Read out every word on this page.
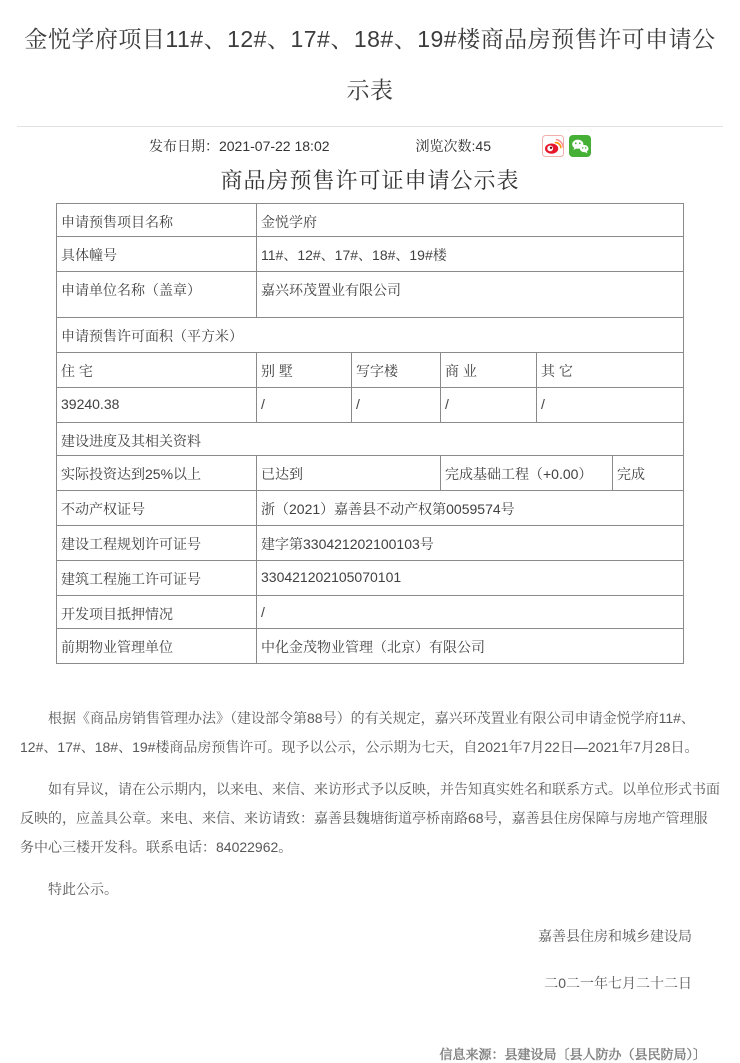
金悦学府项目11#、12#、17#、18#、19#楼商品房预售许可申请公示表
发布日期：2021-07-22 18:02	浏览次数:45
商品房预售许可证申请公示表
申请预售项目名称	金悦学府				
具体幢号	11#、12#、17#、18#、19#楼				
申请单位名称（盖章）	嘉兴环茂置业有限公司				
申请预售许可面积（平方米）					
住 宅	别 墅	写字楼	商 业	其 它	
39240.38	/	/	/	/	
建设进度及其相关资料					
实际投资达到25%以上	已达到		完成基础工程（+0.00）		完成
不动产权证号	浙（2021）嘉善县不动产权第0059574号				
建设工程规划许可证号	建字第330421202100103号				
建筑工程施工许可证号	330421202105070101				
开发项目抵押情况	/				
前期物业管理单位	中化金茂物业管理（北京）有限公司				

根据《商品房销售管理办法》（建设部令第88号）的有关规定，嘉兴环茂置业有限公司申请金悦学府11#、12#、17#、18#、19#楼商品房预售许可。现予以公示，公示期为七天，自2021年7月22日—2021年7月28日。

如有异议，请在公示期内，以来电、来信、来访形式予以反映，并告知真实姓名和联系方式。以单位形式书面反映的，应盖具公章。来电、来信、来访请致：嘉善县魏塘街道亭桥南路68号，嘉善县住房保障与房地产管理服务中心三楼开发科。联系电话：84022962。

特此公示。

嘉善县住房和城乡建设局
二0二一年七月二十二日
信息来源：县建设局〔县人防办（县民防局）〕
